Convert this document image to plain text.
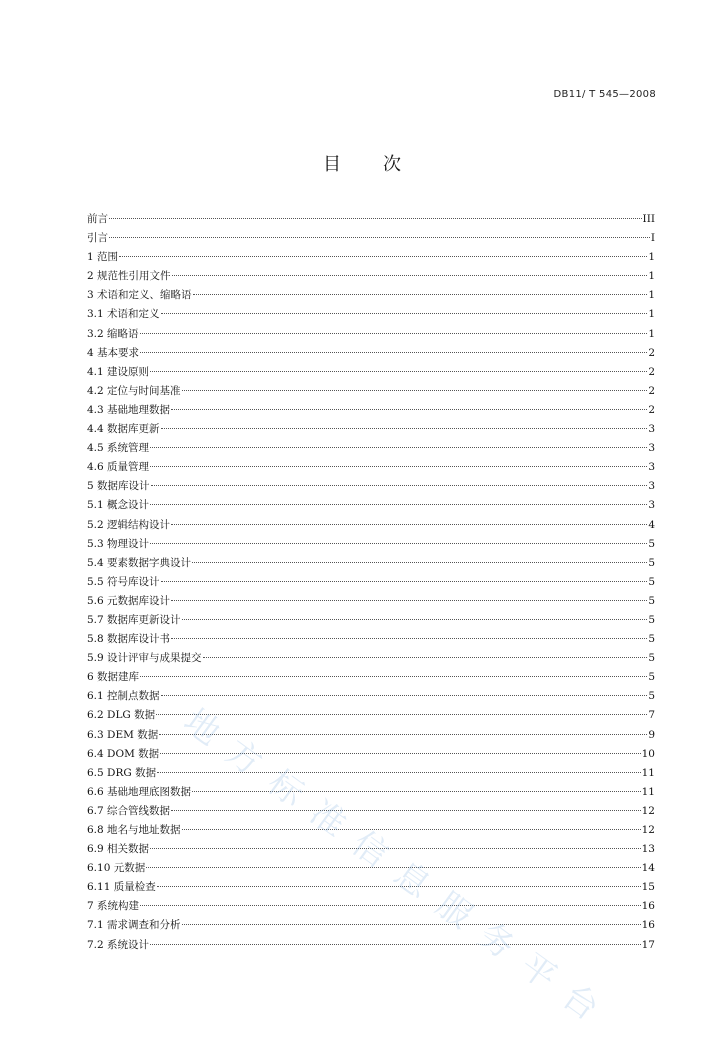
DB11/ T 545—2008
目 次
前言	III
引言	I
1 范围	1
2 规范性引用文件	1
3 术语和定义、缩略语	1
3.1 术语和定义	1
3.2 缩略语	1
4 基本要求	2
4.1 建设原则	2
4.2 定位与时间基准	2
4.3 基础地理数据	2
4.4 数据库更新	3
4.5 系统管理	3
4.6 质量管理	3
5 数据库设计	3
5.1 概念设计	3
5.2 逻辑结构设计	4
5.3 物理设计	5
5.4 要素数据字典设计	5
5.5 符号库设计	5
5.6 元数据库设计	5
5.7 数据库更新设计	5
5.8 数据库设计书	5
5.9 设计评审与成果提交	5
6 数据建库	5
6.1 控制点数据	5
6.2 DLG 数据	7
6.3 DEM 数据	9
6.4 DOM 数据	10
6.5 DRG 数据	11
6.6 基础地理底图数据	11
6.7 综合管线数据	12
6.8 地名与地址数据	12
6.9 相关数据	13
6.10 元数据	14
6.11 质量检查	15
7 系统构建	16
7.1 需求调查和分析	16
7.2 系统设计	17
地方标准信息服务平台
